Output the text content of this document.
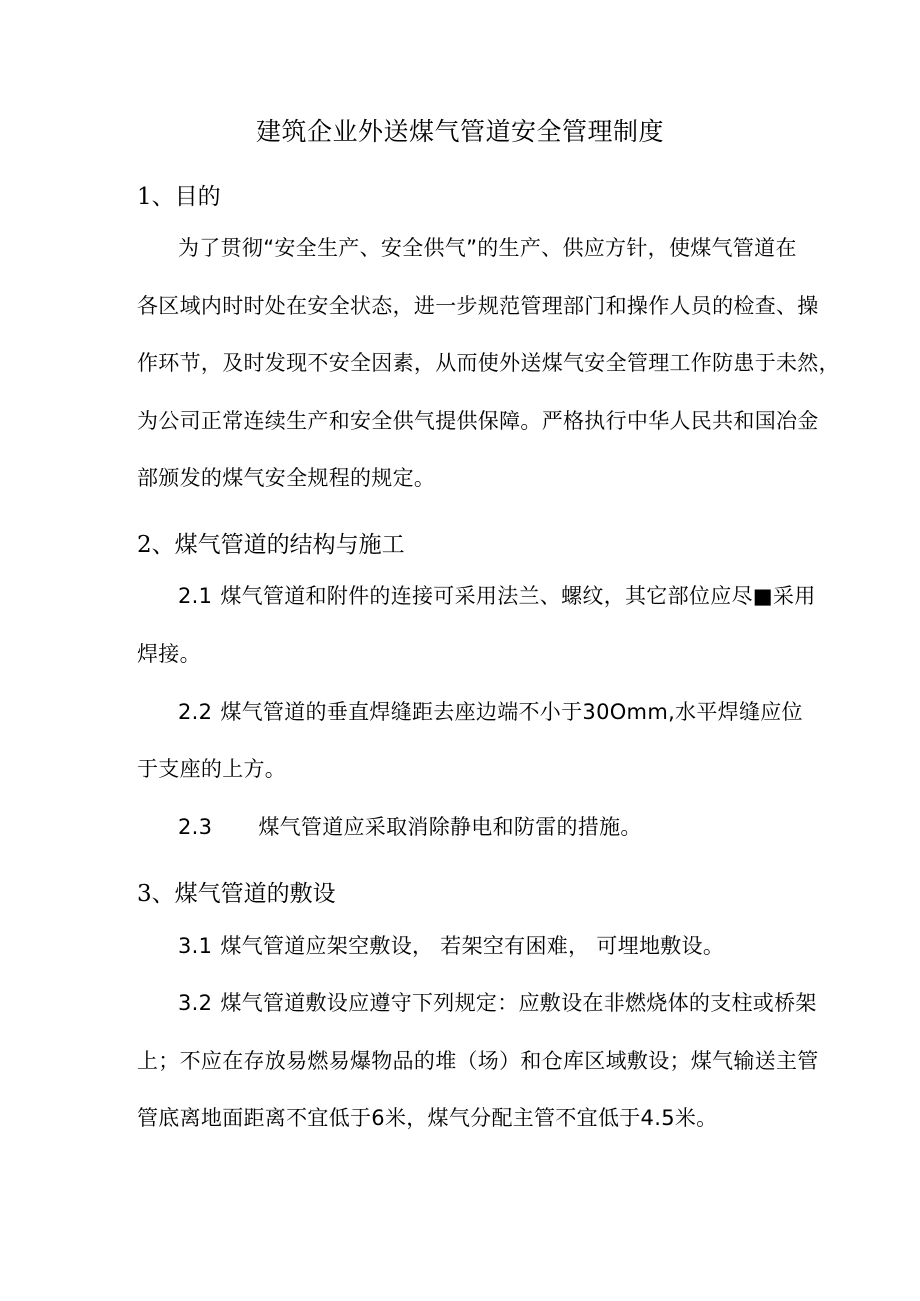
建筑企业外送煤气管道安全管理制度
1、目的
为了贯彻“安全生产、安全供气”的生产、供应方针，使煤气管道在
各区域内时时处在安全状态，进一步规范管理部门和操作人员的检查、操
作环节，及时发现不安全因素，从而使外送煤气安全管理工作防患于未然，
为公司正常连续生产和安全供气提供保障。严格执行中华人民共和国冶金
部颁发的煤气安全规程的规定。
2、煤气管道的结构与施工
2.1 煤气管道和附件的连接可采用法兰、螺纹，其它部位应尽■采用
焊接。
2.2 煤气管道的垂直焊缝距去座边端不小于30Omm,水平焊缝应位
于支座的上方。
2.3 煤气管道应采取消除静电和防雷的措施。
3、煤气管道的敷设
3.1 煤气管道应架空敷设， 若架空有困难， 可埋地敷设。
3.2 煤气管道敷设应遵守下列规定：应敷设在非燃烧体的支柱或桥架
上；不应在存放易燃易爆物品的堆（场）和仓库区域敷设；煤气输送主管
管底离地面距离不宜低于6米，煤气分配主管不宜低于4.5米。
